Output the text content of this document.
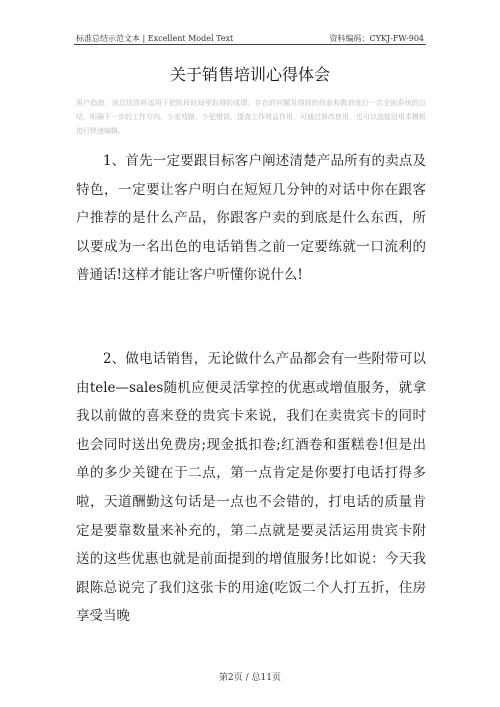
标准总结示范文本 | Excellent Model Text	资料编码：CYKJ-FW-904
关于销售培训心得体会
用户指南：该总结资料适用于把阶段时间里取得的成绩、存在的问题及得到的经验和教训进行一次全面系统的总结，明确下一步的工作方向，少走弯路，少犯错误，提高工作效益作用，可通过修改使用，也可以直接沿用本模板进行快速编辑。

1、首先一定要跟目标客户阐述清楚产品所有的卖点及特色，一定要让客户明白在短短几分钟的对话中你在跟客户推荐的是什么产品，你跟客户卖的到底是什么东西，所以要成为一名出色的电话销售之前一定要练就一口流利的普通话!这样才能让客户听懂你说什么!

2、做电话销售，无论做什么产品都会有一些附带可以由tele—sales随机应便灵活掌控的优惠或增值服务，就拿我以前做的喜来登的贵宾卡来说，我们在卖贵宾卡的同时也会同时送出免费房;现金抵扣卷;红酒卷和蛋糕卷!但是出单的多少关键在于二点，第一点肯定是你要打电话打得多啦，天道酬勤这句话是一点也不会错的，打电话的质量肯定是要靠数量来补充的，第二点就是要灵活运用贵宾卡附送的这些优惠也就是前面提到的增值服务!比如说：今天我跟陈总说完了我们这张卡的用途(吃饭二个人打五折，住房享受当晚

第2页 / 总11页
